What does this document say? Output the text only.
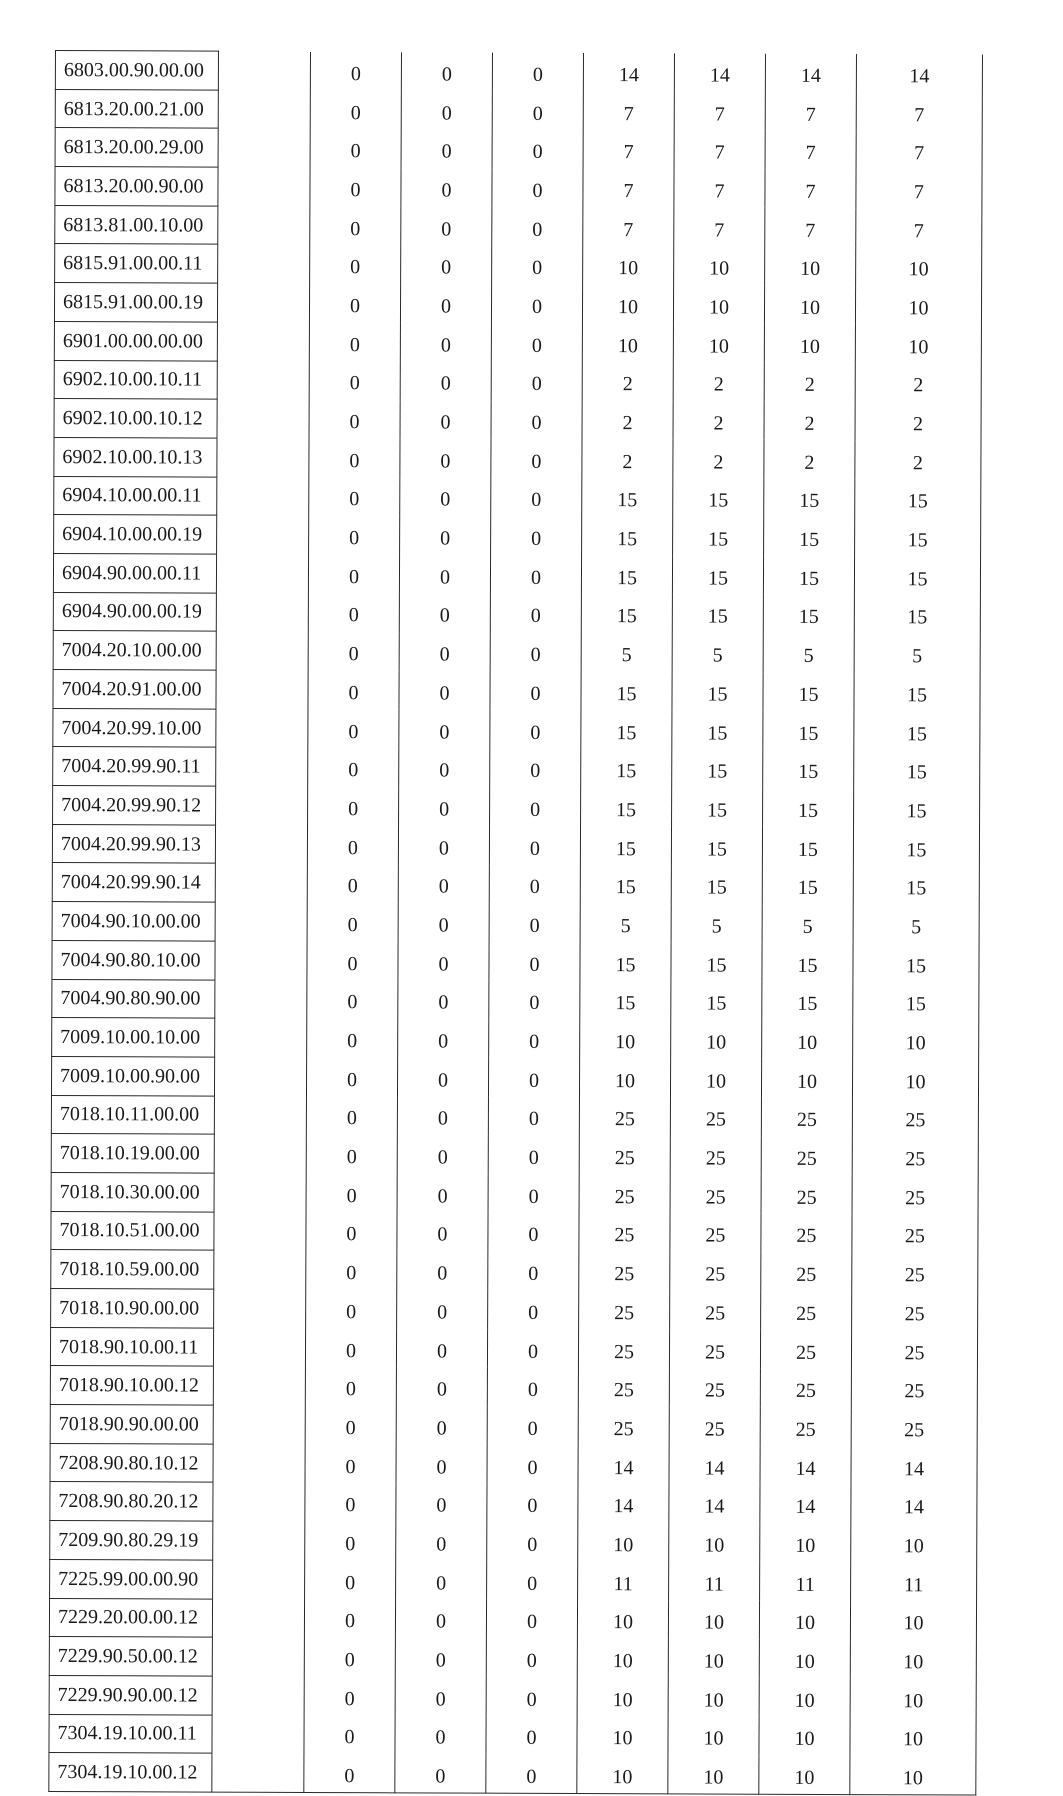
6803.00.90.00.00		0	0	0	14	14	14	14
6813.20.00.21.00		0	0	0	7	7	7	7
6813.20.00.29.00		0	0	0	7	7	7	7
6813.20.00.90.00		0	0	0	7	7	7	7
6813.81.00.10.00		0	0	0	7	7	7	7
6815.91.00.00.11		0	0	0	10	10	10	10
6815.91.00.00.19		0	0	0	10	10	10	10
6901.00.00.00.00		0	0	0	10	10	10	10
6902.10.00.10.11		0	0	0	2	2	2	2
6902.10.00.10.12		0	0	0	2	2	2	2
6902.10.00.10.13		0	0	0	2	2	2	2
6904.10.00.00.11		0	0	0	15	15	15	15
6904.10.00.00.19		0	0	0	15	15	15	15
6904.90.00.00.11		0	0	0	15	15	15	15
6904.90.00.00.19		0	0	0	15	15	15	15
7004.20.10.00.00		0	0	0	5	5	5	5
7004.20.91.00.00		0	0	0	15	15	15	15
7004.20.99.10.00		0	0	0	15	15	15	15
7004.20.99.90.11		0	0	0	15	15	15	15
7004.20.99.90.12		0	0	0	15	15	15	15
7004.20.99.90.13		0	0	0	15	15	15	15
7004.20.99.90.14		0	0	0	15	15	15	15
7004.90.10.00.00		0	0	0	5	5	5	5
7004.90.80.10.00		0	0	0	15	15	15	15
7004.90.80.90.00		0	0	0	15	15	15	15
7009.10.00.10.00		0	0	0	10	10	10	10
7009.10.00.90.00		0	0	0	10	10	10	10
7018.10.11.00.00		0	0	0	25	25	25	25
7018.10.19.00.00		0	0	0	25	25	25	25
7018.10.30.00.00		0	0	0	25	25	25	25
7018.10.51.00.00		0	0	0	25	25	25	25
7018.10.59.00.00		0	0	0	25	25	25	25
7018.10.90.00.00		0	0	0	25	25	25	25
7018.90.10.00.11		0	0	0	25	25	25	25
7018.90.10.00.12		0	0	0	25	25	25	25
7018.90.90.00.00		0	0	0	25	25	25	25
7208.90.80.10.12		0	0	0	14	14	14	14
7208.90.80.20.12		0	0	0	14	14	14	14
7209.90.80.29.19		0	0	0	10	10	10	10
7225.99.00.00.90		0	0	0	11	11	11	11
7229.20.00.00.12		0	0	0	10	10	10	10
7229.90.50.00.12		0	0	0	10	10	10	10
7229.90.90.00.12		0	0	0	10	10	10	10
7304.19.10.00.11		0	0	0	10	10	10	10
7304.19.10.00.12		0	0	0	10	10	10	10
